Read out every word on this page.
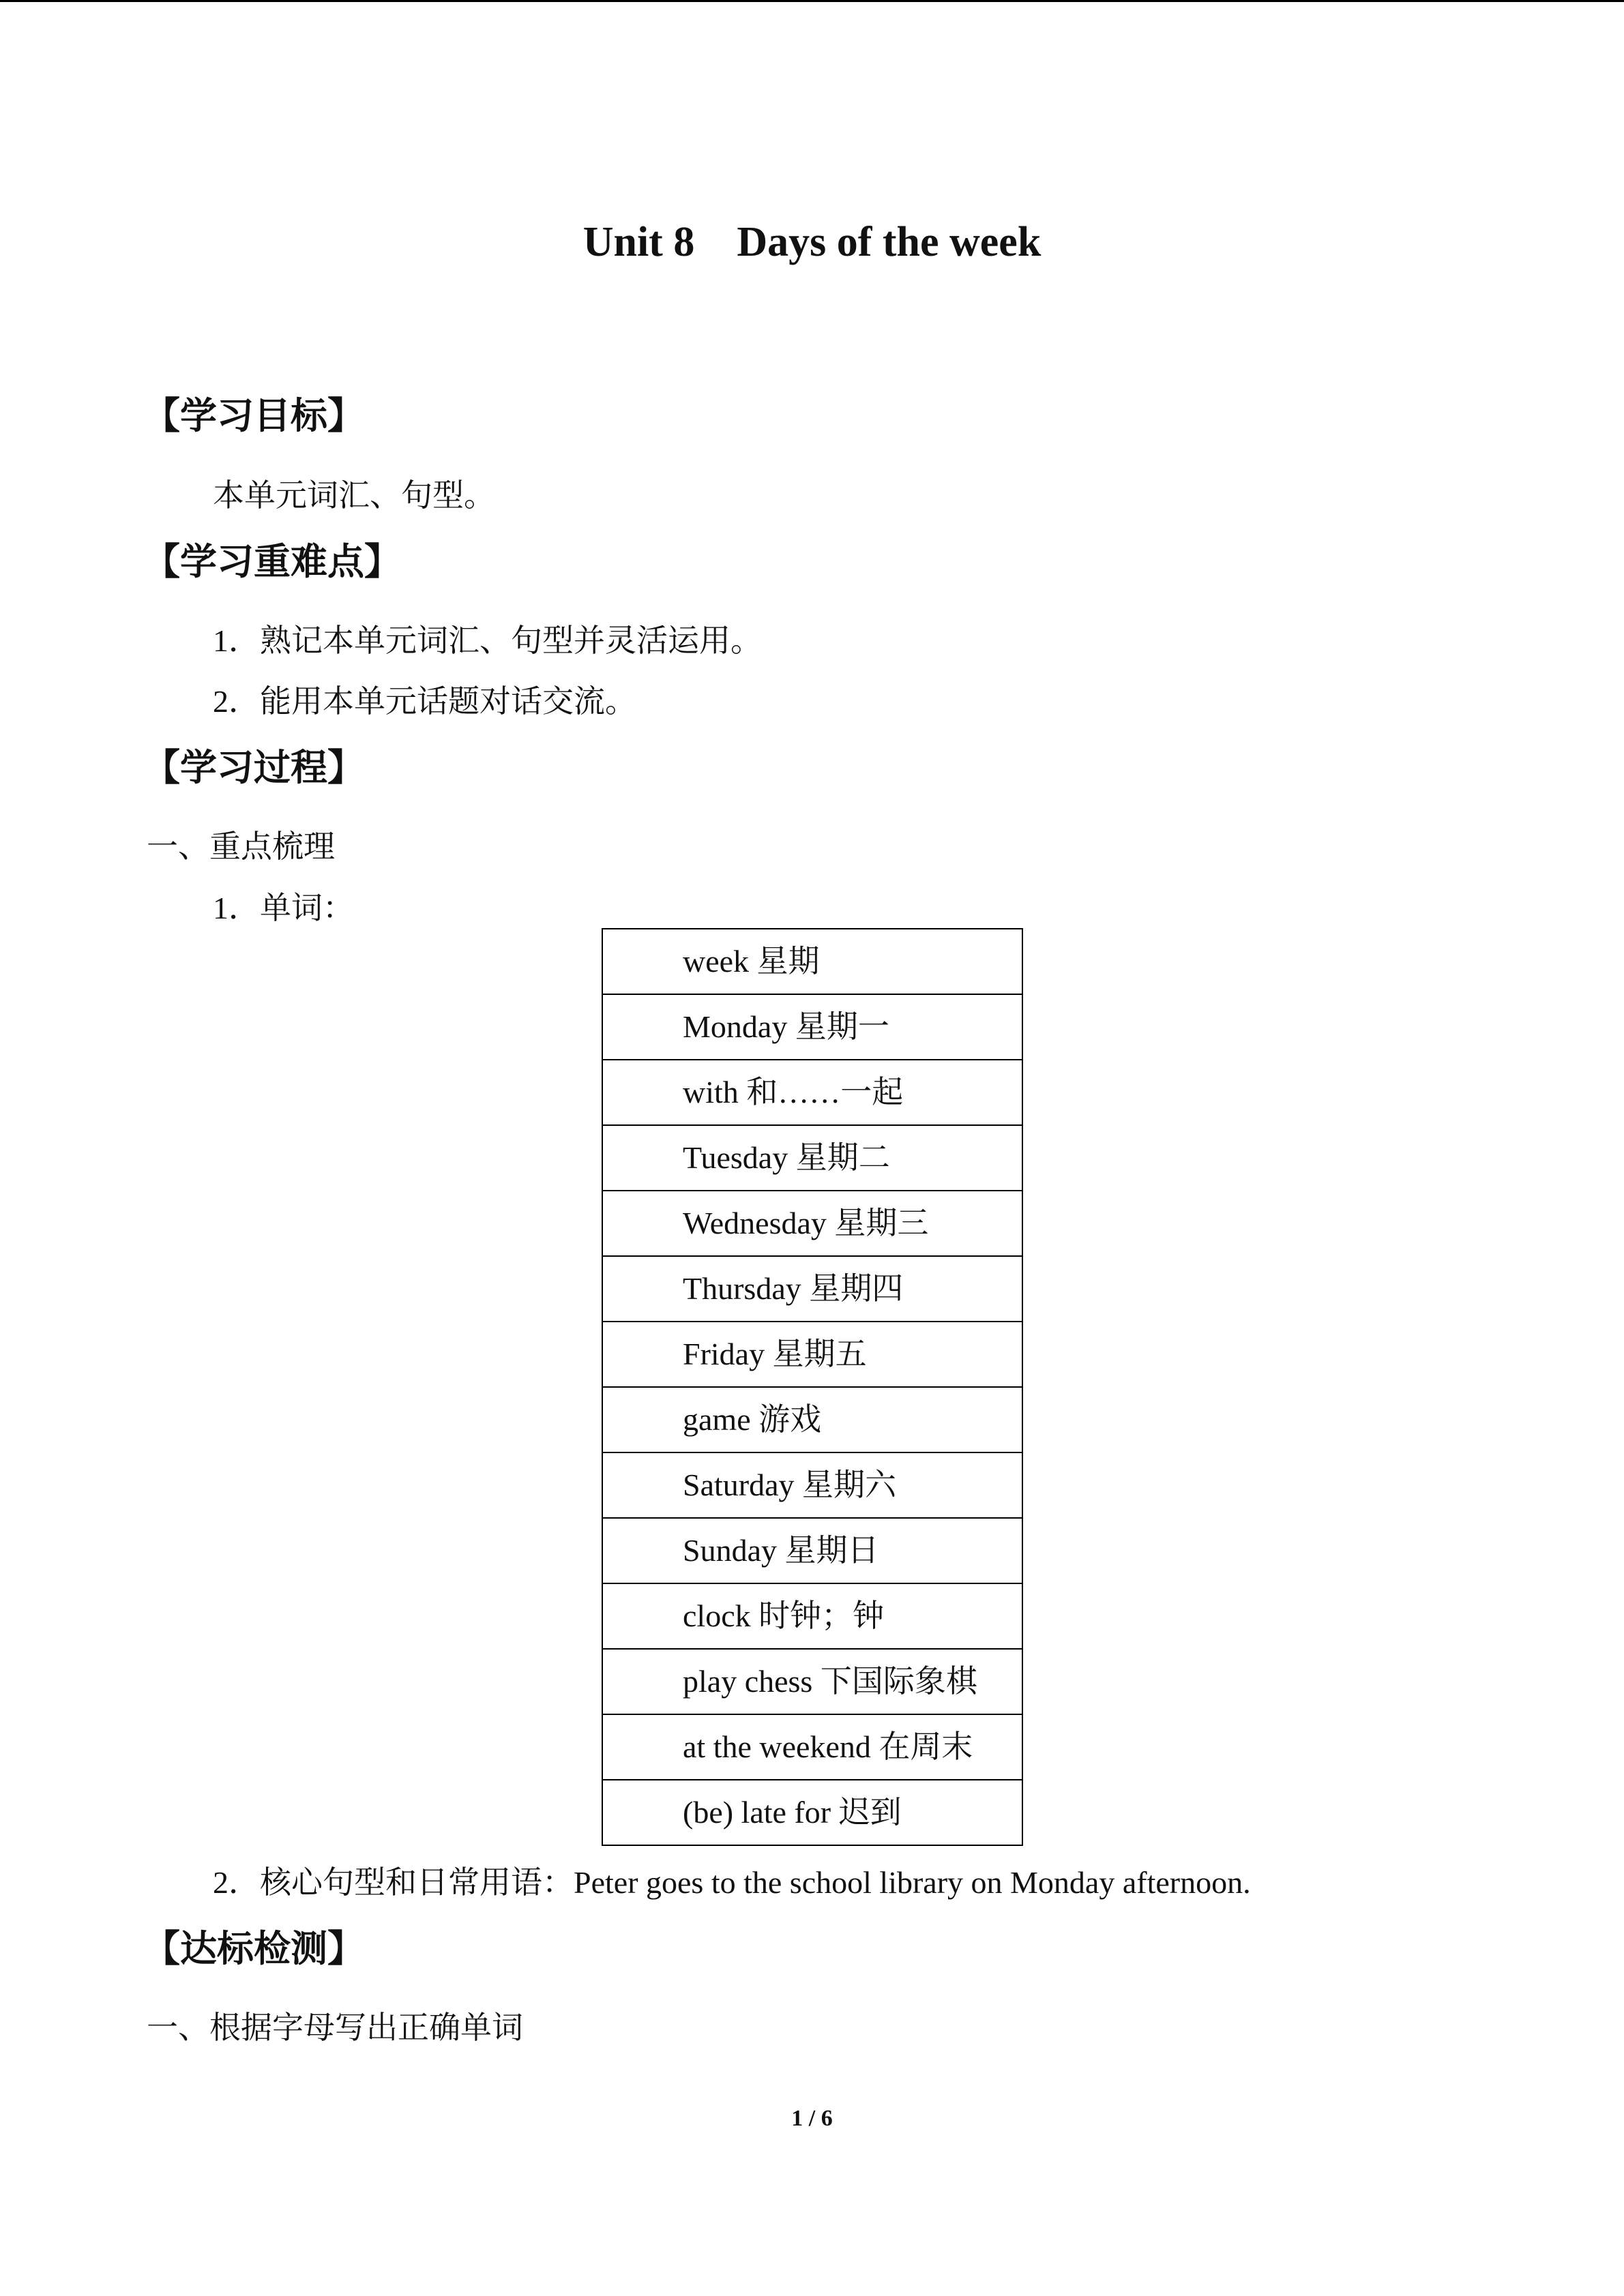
Unit 8    Days of the week
【学习目标】
本单元词汇、句型。
【学习重难点】
1．熟记本单元词汇、句型并灵活运用。
2．能用本单元话题对话交流。
【学习过程】
一、重点梳理
1．单词：
week 星期
Monday 星期一
with 和……一起
Tuesday 星期二
Wednesday 星期三
Thursday 星期四
Friday 星期五
game 游戏
Saturday 星期六
Sunday 星期日
clock 时钟；钟
play chess 下国际象棋
at the weekend 在周末
(be) late for 迟到
2．核心句型和日常用语：Peter goes to the school library on Monday afternoon.
【达标检测】
一、根据字母写出正确单词
1 / 6
